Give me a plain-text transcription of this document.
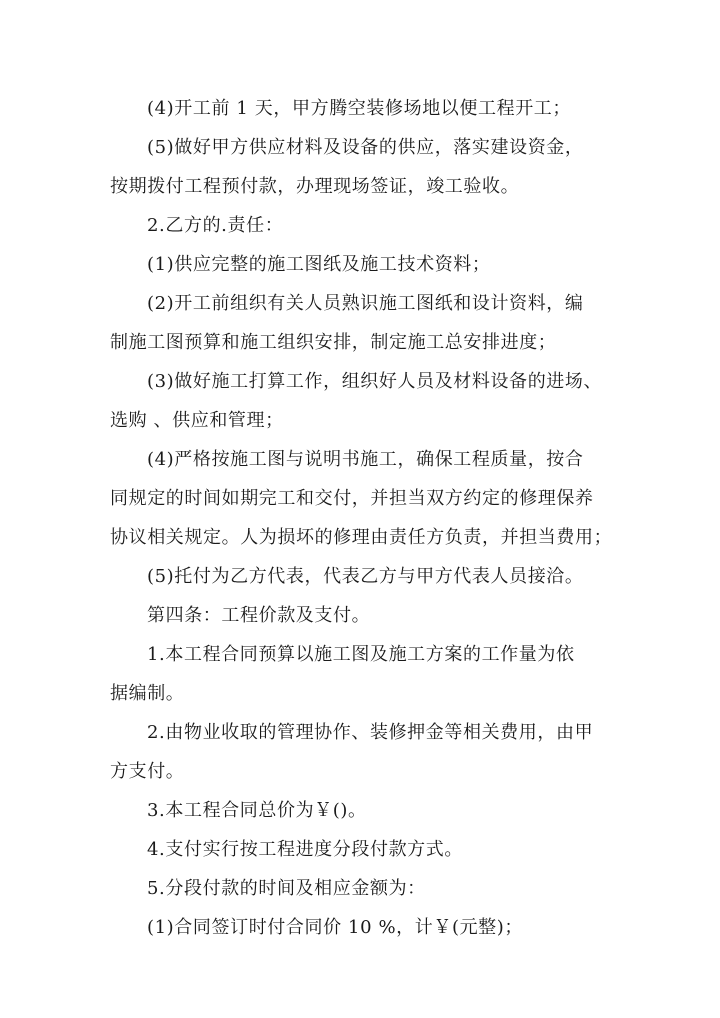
(4)开工前 1 天，甲方腾空装修场地以便工程开工；

(5)做好甲方供应材料及设备的供应，落实建设资金，
按期拨付工程预付款，办理现场签证，竣工验收。

2.乙方的.责任：

(1)供应完整的施工图纸及施工技术资料；

(2)开工前组织有关人员熟识施工图纸和设计资料，编
制施工图预算和施工组织安排，制定施工总安排进度；

(3)做好施工打算工作，组织好人员及材料设备的进场、
选购 、供应和管理；

(4)严格按施工图与说明书施工，确保工程质量，按合
同规定的时间如期完工和交付，并担当双方约定的修理保养
协议相关规定。人为损坏的修理由责任方负责，并担当费用；

(5)托付为乙方代表，代表乙方与甲方代表人员接洽。

第四条：工程价款及支付。

1.本工程合同预算以施工图及施工方案的工作量为依
据编制。

2.由物业收取的管理协作、装修押金等相关费用，由甲
方支付。

3.本工程合同总价为￥()。

4.支付实行按工程进度分段付款方式。

5.分段付款的时间及相应金额为：

(1)合同签订时付合同价 10 %，计￥(元整)；
